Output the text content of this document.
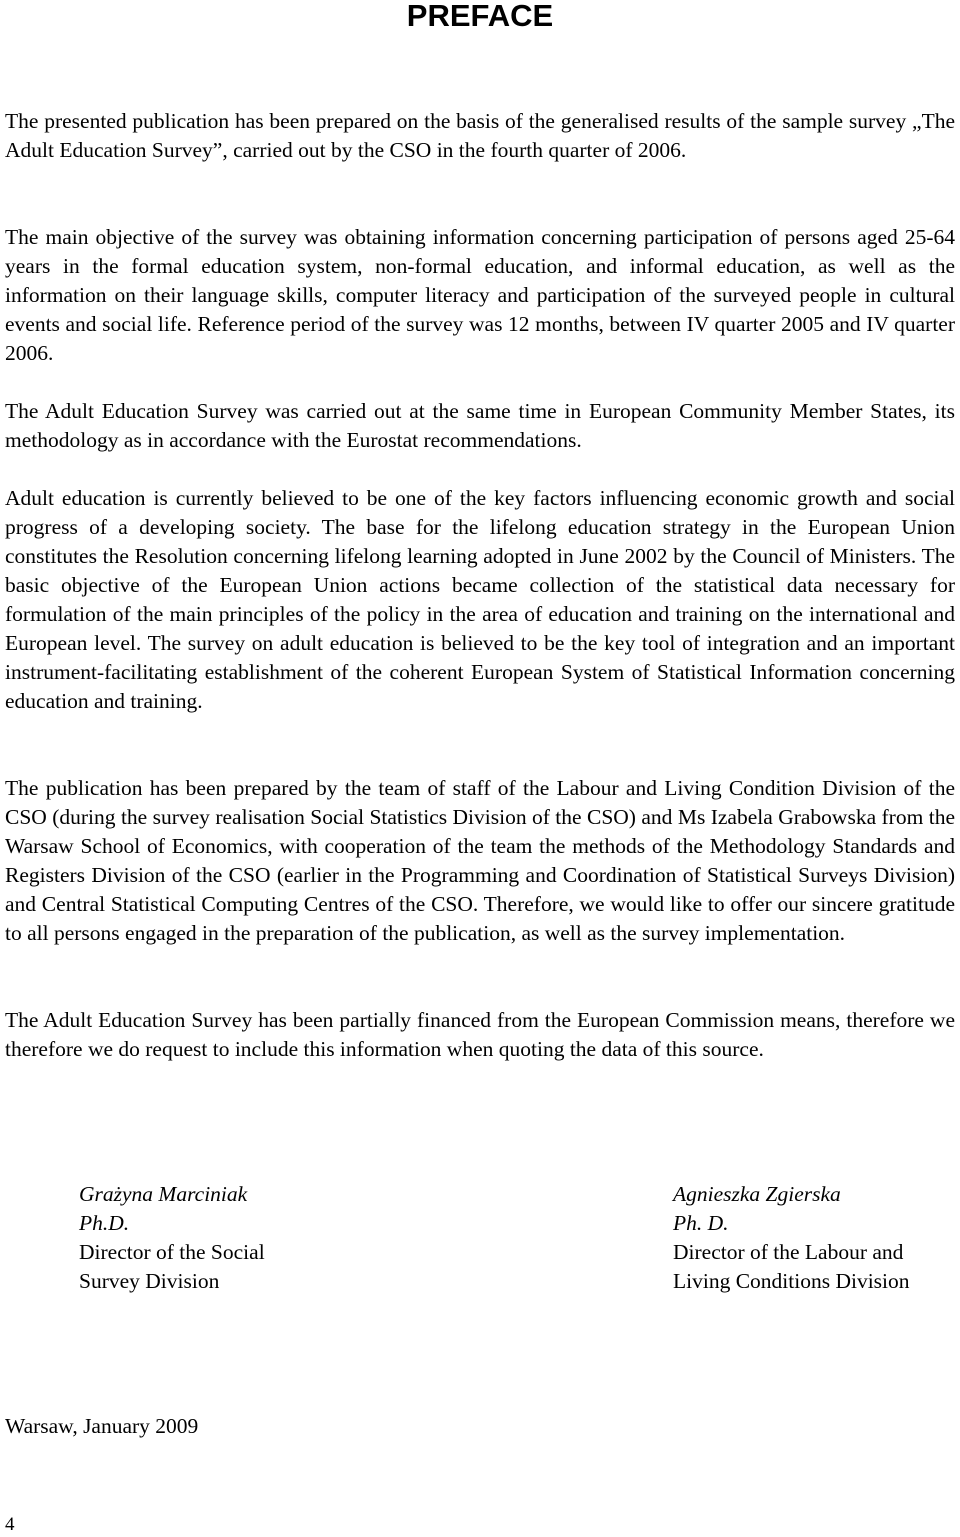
PREFACE

The presented publication has been prepared on the basis of the generalised results of the sample survey „The Adult Education Survey”, carried out by the CSO in the fourth quarter of 2006.

The main objective of the survey was obtaining information concerning participation of persons aged 25-64 years in the formal education system, non-formal education, and informal education, as well as the information on their language skills, computer literacy and participation of the surveyed people in cultural events and social life. Reference period of the survey was 12 months, between IV quarter 2005 and IV quarter 2006.

The Adult Education Survey was carried out at the same time in European Community Member States, its methodology as in accordance with the Eurostat recommendations.

Adult education is currently believed to be one of the key factors influencing economic growth and social progress of a developing society. The base for the lifelong education strategy in the European Union constitutes the Resolution concerning lifelong learning adopted in June 2002 by the Council of Ministers. The basic objective of the European Union actions became collection of the statistical data necessary for formulation of the main principles of the policy in the area of education and training on the international and European level. The survey on adult education is believed to be the key tool of integration and an important instrument-facilitating establishment of the coherent European System of Statistical Information concerning education and training.

The publication has been prepared by the team of staff of the Labour and Living Condition Division of the CSO (during the survey realisation Social Statistics Division of the CSO) and Ms Izabela Grabowska from the Warsaw School of Economics, with cooperation of the team the methods of the Methodology Standards and Registers Division of the CSO (earlier in the Programming and Coordination of Statistical Surveys Division) and Central Statistical Computing Centres of the CSO. Therefore, we would like to offer our sincere gratitude to all persons engaged in the preparation of the publication, as well as the survey implementation.

The Adult Education Survey has been partially financed from the European Commission means, therefore we therefore we do request to include this information when quoting the data of this source.

Grażyna Marciniak
Ph.D.
Director of the Social
Survey Division
Agnieszka Zgierska
Ph. D.
Director of the Labour and
Living Conditions Division
Warsaw, January 2009
4
